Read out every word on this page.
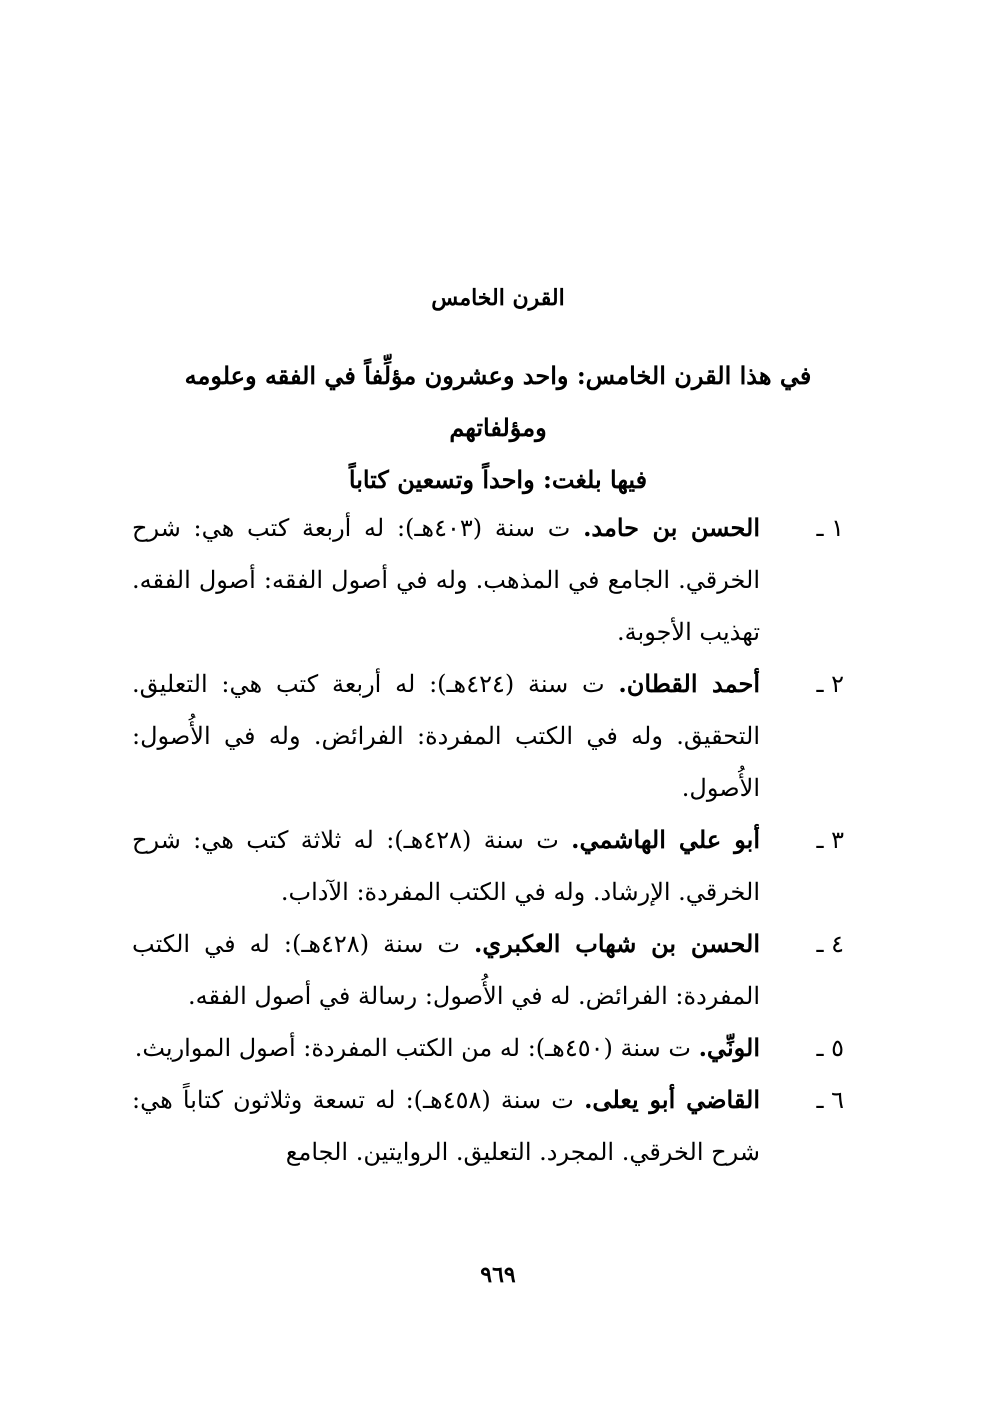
القرن الخامس
في هذا القرن الخامس: واحد وعشرون مؤلِّفاً في الفقه وعلومه ومؤلفاتهم
فيها بلغت: واحداً وتسعين كتاباً
١ ـ
الحسن بن حامد. ت سنة (٤٠٣هـ): له أربعة كتب هي: شرح الخرقي. الجامع في المذهب. وله في أصول الفقه: أصول الفقه. تهذيب الأجوبة.
٢ ـ
أحمد القطان. ت سنة (٤٢٤هـ): له أربعة كتب هي: التعليق. التحقيق. وله في الكتب المفردة: الفرائض. وله في الأُصول: الأُصول.
٣ ـ
أبو علي الهاشمي. ت سنة (٤٢٨هـ): له ثلاثة كتب هي: شرح الخرقي. الإرشاد. وله في الكتب المفردة: الآداب.
٤ ـ
الحسن بن شهاب العكبري. ت سنة (٤٢٨هـ): له في الكتب المفردة: الفرائض. له في الأُصول: رسالة في أصول الفقه.
٥ ـ
الونِّي. ت سنة (٤٥٠هـ): له من الكتب المفردة: أصول المواريث.
٦ ـ
القاضي أبو يعلى. ت سنة (٤٥٨هـ): له تسعة وثلاثون كتاباً هي: شرح الخرقي. المجرد. التعليق. الروايتين. الجامع
٩٦٩
